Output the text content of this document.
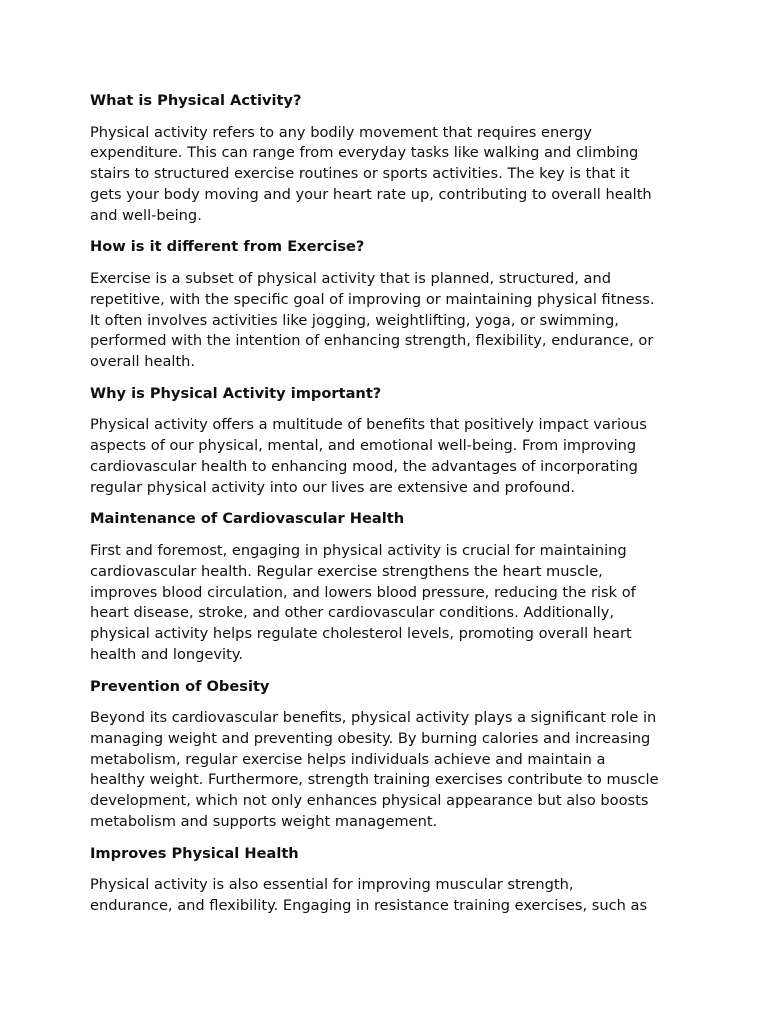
What is Physical Activity?
Physical activity refers to any bodily movement that requires energy
expenditure. This can range from everyday tasks like walking and climbing
stairs to structured exercise routines or sports activities. The key is that it
gets your body moving and your heart rate up, contributing to overall health
and well-being.
How is it different from Exercise?
Exercise is a subset of physical activity that is planned, structured, and
repetitive, with the specific goal of improving or maintaining physical fitness.
It often involves activities like jogging, weightlifting, yoga, or swimming,
performed with the intention of enhancing strength, flexibility, endurance, or
overall health.
Why is Physical Activity important?
Physical activity offers a multitude of benefits that positively impact various
aspects of our physical, mental, and emotional well-being. From improving
cardiovascular health to enhancing mood, the advantages of incorporating
regular physical activity into our lives are extensive and profound.
Maintenance of Cardiovascular Health
First and foremost, engaging in physical activity is crucial for maintaining
cardiovascular health. Regular exercise strengthens the heart muscle,
improves blood circulation, and lowers blood pressure, reducing the risk of
heart disease, stroke, and other cardiovascular conditions. Additionally,
physical activity helps regulate cholesterol levels, promoting overall heart
health and longevity.
Prevention of Obesity
Beyond its cardiovascular benefits, physical activity plays a significant role in
managing weight and preventing obesity. By burning calories and increasing
metabolism, regular exercise helps individuals achieve and maintain a
healthy weight. Furthermore, strength training exercises contribute to muscle
development, which not only enhances physical appearance but also boosts
metabolism and supports weight management.
Improves Physical Health
Physical activity is also essential for improving muscular strength,
endurance, and flexibility. Engaging in resistance training exercises, such as
